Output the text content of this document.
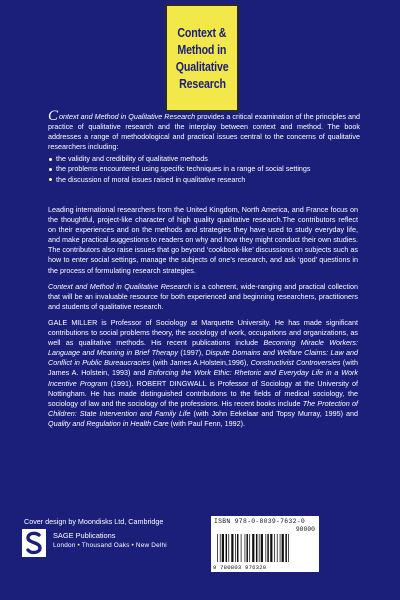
Context &
Method in
Qualitative
Research

Context and Method in Qualitative Research provides a critical examination of the principles and practice of qualitative research and the interplay between context and method. The book addresses a range of methodological and practical issues central to the concerns of qualitative researchers including:

the validity and credibility of qualitative methods
the problems encountered using specific techniques in a range of social settings
the discussion of moral issues raised in qualitative research

Leading international researchers from the United Kingdom, North America, and France focus on the thoughtful, project-like character of high quality qualitative research.The contributors reflect on their experiences and on the methods and strategies they have used to study everyday life, and make practical suggestions to readers on why and how they might conduct their own studies. The contributors also raise issues that go beyond ‘cookbook-like’ discussions on subjects such as how to enter social settings, manage the subjects of one's research, and ask ‘good’ questions in the process of formulating research strategies.

Context and Method in Qualitative Research is a coherent, wide-ranging and practical collection that will be an invaluable resource for both experienced and beginning researchers, practitioners and students of qualitative research.

GALE MILLER is Professor of Sociology at Marquette University. He has made significant contributions to social problems theory, the sociology of work, occupations and organizations, as well as qualitative methods. His recent publications include Becoming Miracle Workers: Language and Meaning in Brief Therapy (1997), Dispute Domains and Welfare Claims: Law and Conflict in Public Bureaucracies (with James A.Holstein,1996), Constructivist Controversies (with James A. Holstein, 1993) and Enforcing the Work Ethic: Rhetoric and Everyday Life in a Work Incentive Program (1991). ROBERT DINGWALL is Professor of Sociology at the University of Nottingham. He has made distinguished contributions to the fields of medical sociology, the sociology of law and the sociology of the professions. His recent books include The Protection of Children: State Intervention and Family Life (with John Eekelaar and Topsy Murray, 1995) and Quality and Regulation in Health Care (with Paul Fenn, 1992).

Cover design by Moondisks Ltd, Cambridge
SAGE Publications
London • Thousand Oaks • New Delhi
ISBN 978-0-8039-7632-0
90000
9 780803 976320
